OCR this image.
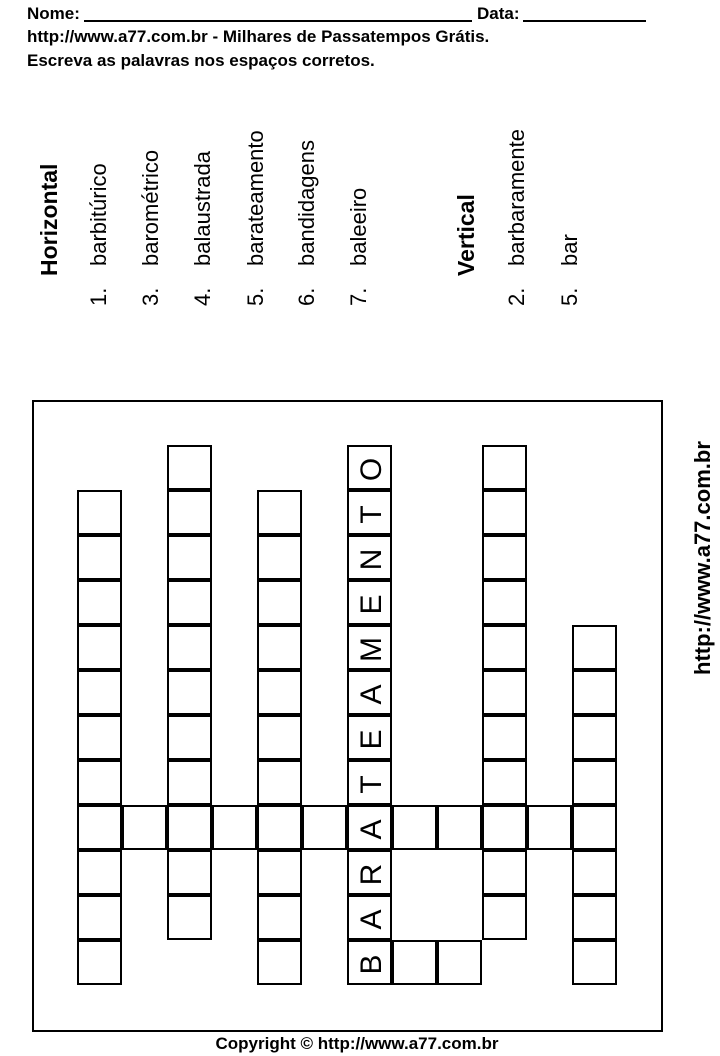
Nome:	Data:
http://www.a77.com.br - Milhares de Passatempos Grátis.
Escreva as palavras nos espaços corretos.
Horizontal
1.barbitúrico
3.barométrico
4.balaustrada
5.barateamento
6.bandidagens
7.baleeiro	Vertical
2.barbaramente
5.bar
O
T
N
E
M
A
E
T
A
R
A
B
http://www.a77.com.br
Copyright © http://www.a77.com.br
